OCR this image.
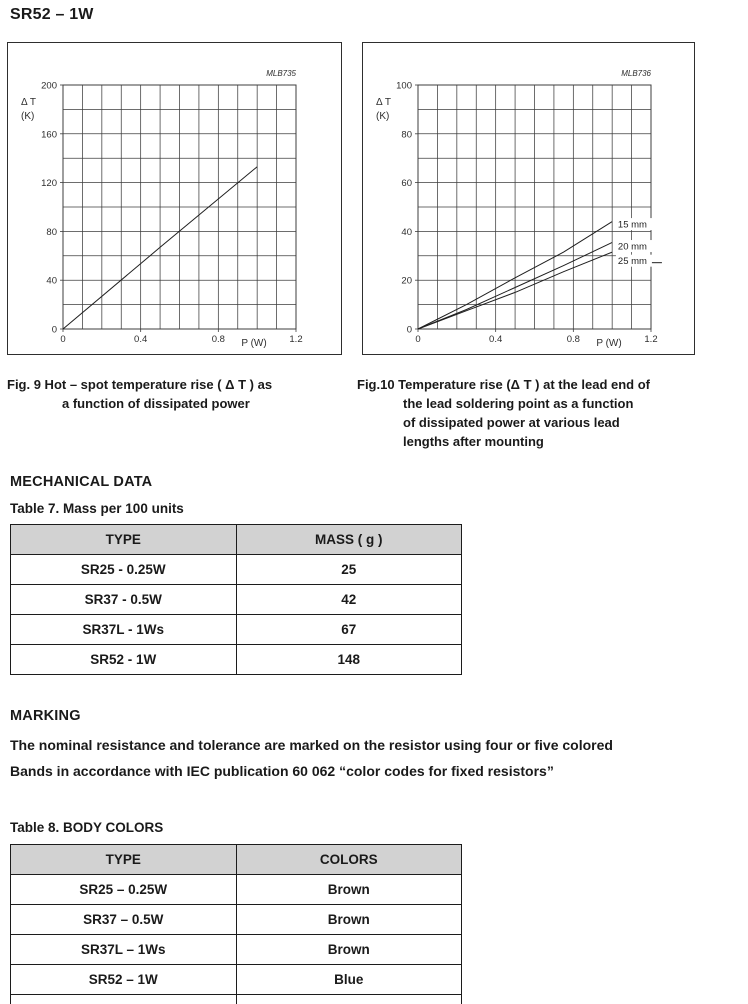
SR52 – 1W
0	0.4	0.8	1.2
0
40
80
120
160
200
Δ T
(K)
P (W)
MLB735
0	0.4	0.8	1.2
0
20
40
60
80
100
Δ T
(K)
P (W)
MLB736
15 mm
20 mm
25 mm
Fig. 9 Hot – spot temperature rise ( Δ T ) as
a function of dissipated power
Fig.10 Temperature rise (Δ T ) at the lead end of
the lead soldering point as a function
of dissipated power at various lead
lengths after mounting
MECHANICAL DATA
Table 7. Mass per 100 units
TYPE	MASS ( g )
SR25 - 0.25W	25
SR37 - 0.5W	42
SR37L - 1Ws	67
SR52 - 1W	148
MARKING
The nominal resistance and tolerance are marked on the resistor using four or five colored
Bands in accordance with IEC publication 60 062 “color codes for fixed resistors”
Table 8. BODY COLORS
TYPE	COLORS
SR25 – 0.25W	Brown
SR37 – 0.5W	Brown
SR37L – 1Ws	Brown
SR52 – 1W	Blue
